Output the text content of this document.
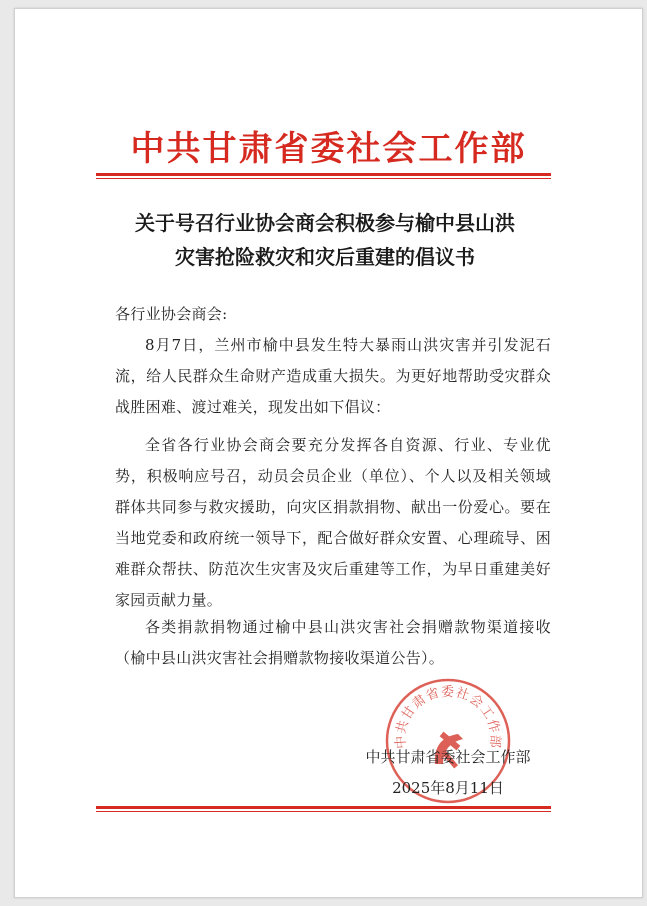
中共甘肃省委社会工作部
关于号召行业协会商会积极参与榆中县山洪
灾害抢险救灾和灾后重建的倡议书
各行业协会商会:
8月7日，兰州市榆中县发生特大暴雨山洪灾害并引发泥石流，给人民群众生命财产造成重大损失。为更好地帮助受灾群众战胜困难、渡过难关，现发出如下倡议：
全省各行业协会商会要充分发挥各自资源、行业、专业优势，积极响应号召，动员会员企业（单位）、个人以及相关领域群体共同参与救灾援助，向灾区捐款捐物、献出一份爱心。要在当地党委和政府统一领导下，配合做好群众安置、心理疏导、困难群众帮扶、防范次生灾害及灾后重建等工作，为早日重建美好家园贡献力量。
各类捐款捐物通过榆中县山洪灾害社会捐赠款物渠道接收（榆中县山洪灾害社会捐赠款物接收渠道公告）。
中共甘肃省委社会工作部
中共甘肃省委社会工作部
2025年8月11日
